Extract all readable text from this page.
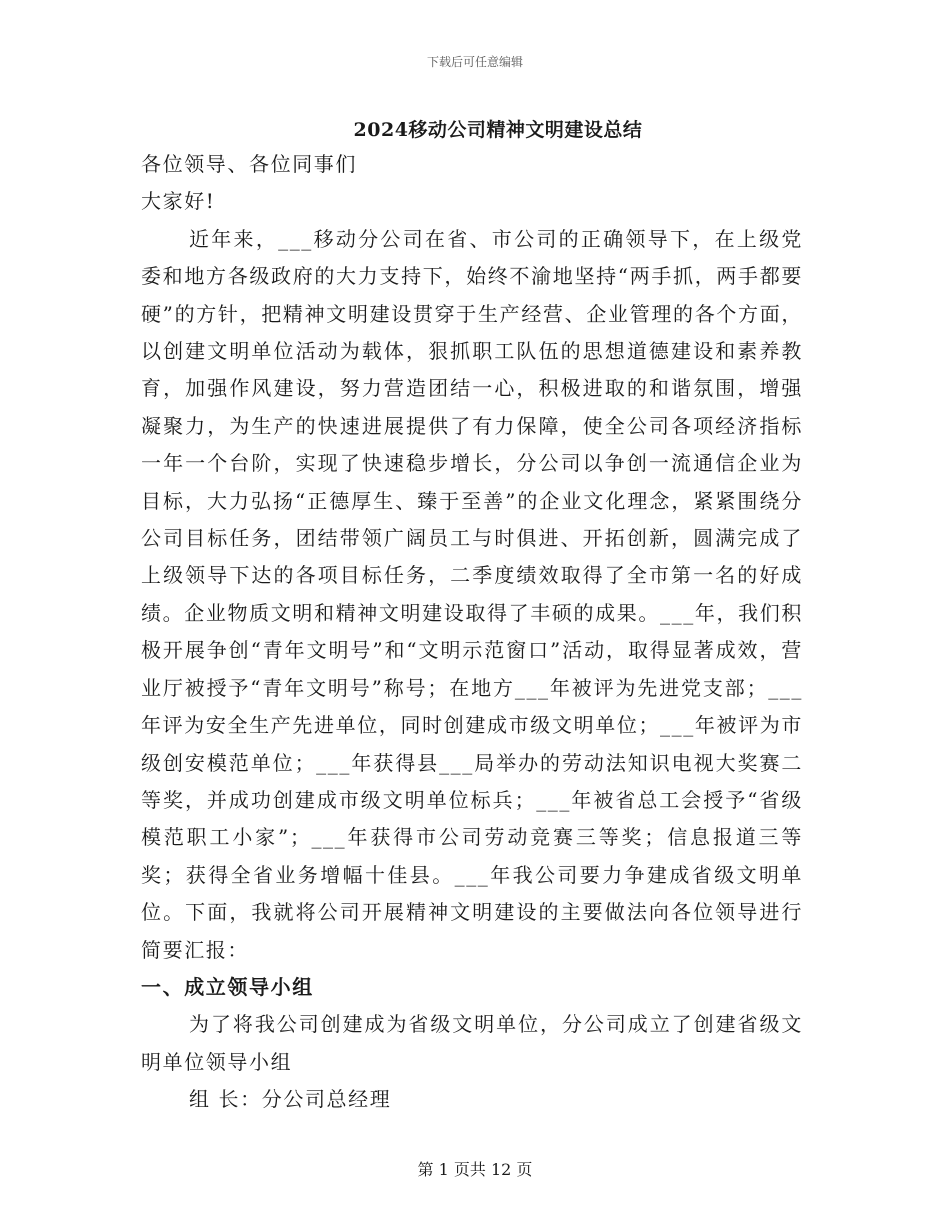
下载后可任意编辑
2024移动公司精神文明建设总结

各位领导、各位同事们

大家好!

近年来，___移动分公司在省、市公司的正确领导下，在上级党委和地方各级政府的大力支持下，始终不渝地坚持“两手抓，两手都要硬”的方针，把精神文明建设贯穿于生产经营、企业管理的各个方面，以创建文明单位活动为载体，狠抓职工队伍的思想道德建设和素养教育，加强作风建设，努力营造团结一心，积极进取的和谐氛围，增强凝聚力，为生产的快速进展提供了有力保障，使全公司各项经济指标一年一个台阶，实现了快速稳步增长，分公司以争创一流通信企业为目标，大力弘扬“正德厚生、臻于至善”的企业文化理念，紧紧围绕分公司目标任务，团结带领广阔员工与时俱进、开拓创新，圆满完成了上级领导下达的各项目标任务，二季度绩效取得了全市第一名的好成绩。企业物质文明和精神文明建设取得了丰硕的成果。___年，我们积极开展争创“青年文明号”和“文明示范窗口”活动，取得显著成效，营业厅被授予“青年文明号”称号；在地方___年被评为先进党支部；___年评为安全生产先进单位，同时创建成市级文明单位；___年被评为市级创安模范单位；___年获得县___局举办的劳动法知识电视大奖赛二等奖，并成功创建成市级文明单位标兵；___年被省总工会授予“省级模范职工小家”；___年获得市公司劳动竞赛三等奖；信息报道三等奖；获得全省业务增幅十佳县。___年我公司要力争建成省级文明单位。下面，我就将公司开展精神文明建设的主要做法向各位领导进行简要汇报：

一、成立领导小组

为了将我公司创建成为省级文明单位，分公司成立了创建省级文明单位领导小组

组 长：分公司总经理

第 1 页共 12 页
